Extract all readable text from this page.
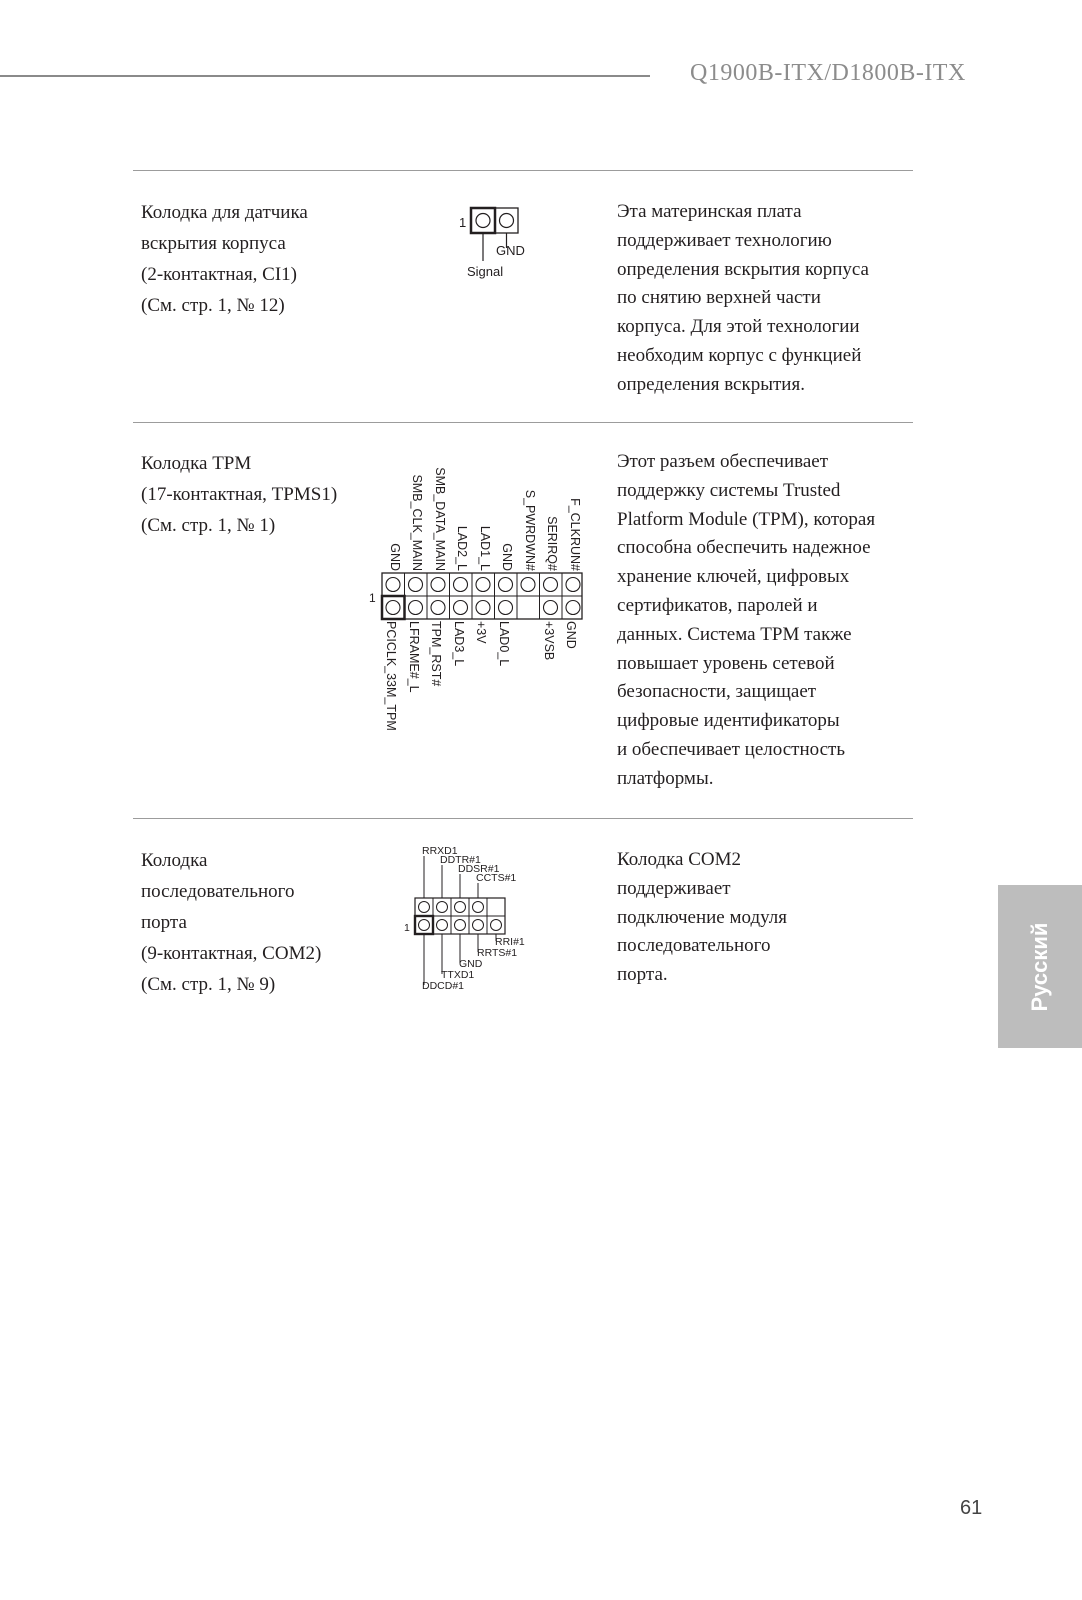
Q1900B-ITX/D1800B-ITX
Колодка для датчика
вскрытия корпуса
(2-контактная, CI1)
(См. стр. 1, № 12)
1
GND
Signal
Эта материнская плата
поддерживает технологию
определения вскрытия корпуса
по снятию верхней части
корпуса. Для этой технологии
необходим корпус с функцией
определения вскрытия.
Колодка TPM
(17-контактная, TPMS1)
(См. стр. 1, № 1)
GND SMB_CLK_MAIN SMB_DATA_MAIN LAD2_L LAD1_L GND S_PWRDWN# SERIRQ# F_CLKRUN#
1
PCICLK_33M_TPM LFRAME#_L TPM_RST# LAD3_L +3V LAD0_L +3VSB GND
Этот разъем обеспечивает
поддержку системы Trusted
Platform Module (TPM), которая
способна обеспечить надежное
хранение ключей, цифровых
сертификатов, паролей и
данных. Система TPM также
повышает уровень сетевой
безопасности, защищает
цифровые идентификаторы
и обеспечивает целостность
платформы.
Колодка
последовательного
порта
(9-контактная, COM2)
(См. стр. 1, № 9)
RRXD1
DDTR#1
DDSR#1
CCTS#1
1
RRI#1
RRTS#1
GND
TTXD1
DDCD#1
Колодка COM2
поддерживает
подключение модуля
последовательного
порта.	Русский
61
